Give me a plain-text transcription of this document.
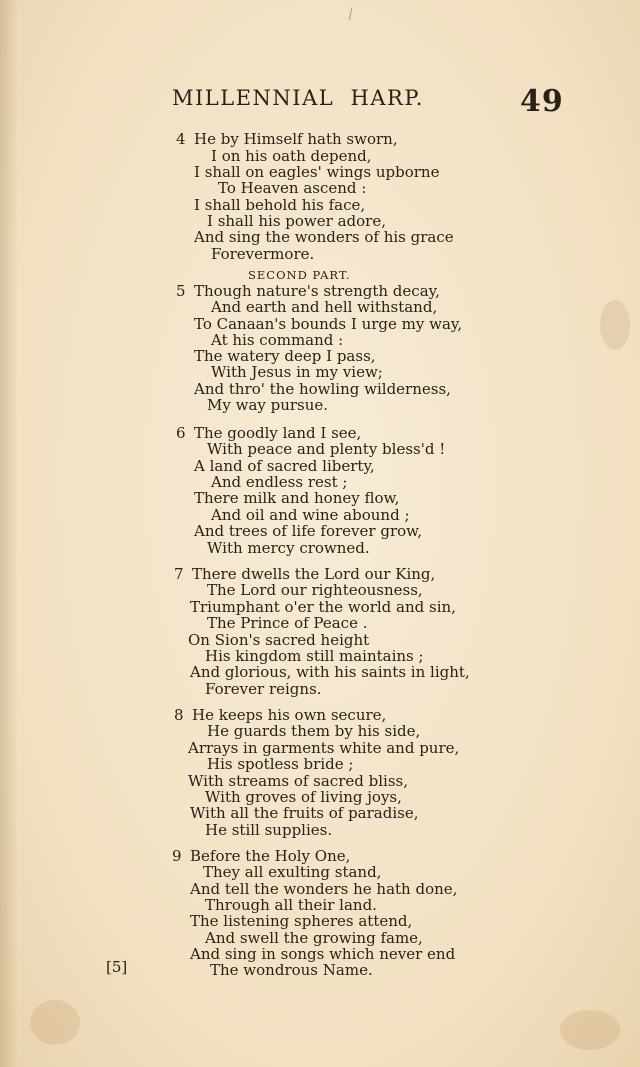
MILLENNIAL  HARP.	49
4 He by Himself hath sworn,
I on his oath depend,
I shall on eagles' wings upborne
To Heaven ascend :
I shall behold his face,
I shall his power adore,
And sing the wonders of his grace
Forevermore.
SECOND PART.
5 Though nature's strength decay,
And earth and hell withstand,
To Canaan's bounds I urge my way,
At his command :
The watery deep I pass,
With Jesus in my view;
And thro' the howling wilderness,
My way pursue.
6 The goodly land I see,
With peace and plenty bless'd !
A land of sacred liberty,
And endless rest ;
There milk and honey flow,
And oil and wine abound ;
And trees of life forever grow,
With mercy crowned.
7 There dwells the Lord our King,
The Lord our righteousness,
Triumphant o'er the world and sin,
The Prince of Peace .
On Sion's sacred height
His kingdom still maintains ;
And glorious, with his saints in light,
Forever reigns.
8 He keeps his own secure,
He guards them by his side,
Arrays in garments white and pure,
His spotless bride ;
With streams of sacred bliss,
With groves of living joys,
With all the fruits of paradise,
He still supplies.
9 Before the Holy One,
They all exulting stand,
And tell the wonders he hath done,
Through all their land.
The listening spheres attend,
And swell the growing fame,
And sing in songs which never end
The wondrous Name.
[5]
